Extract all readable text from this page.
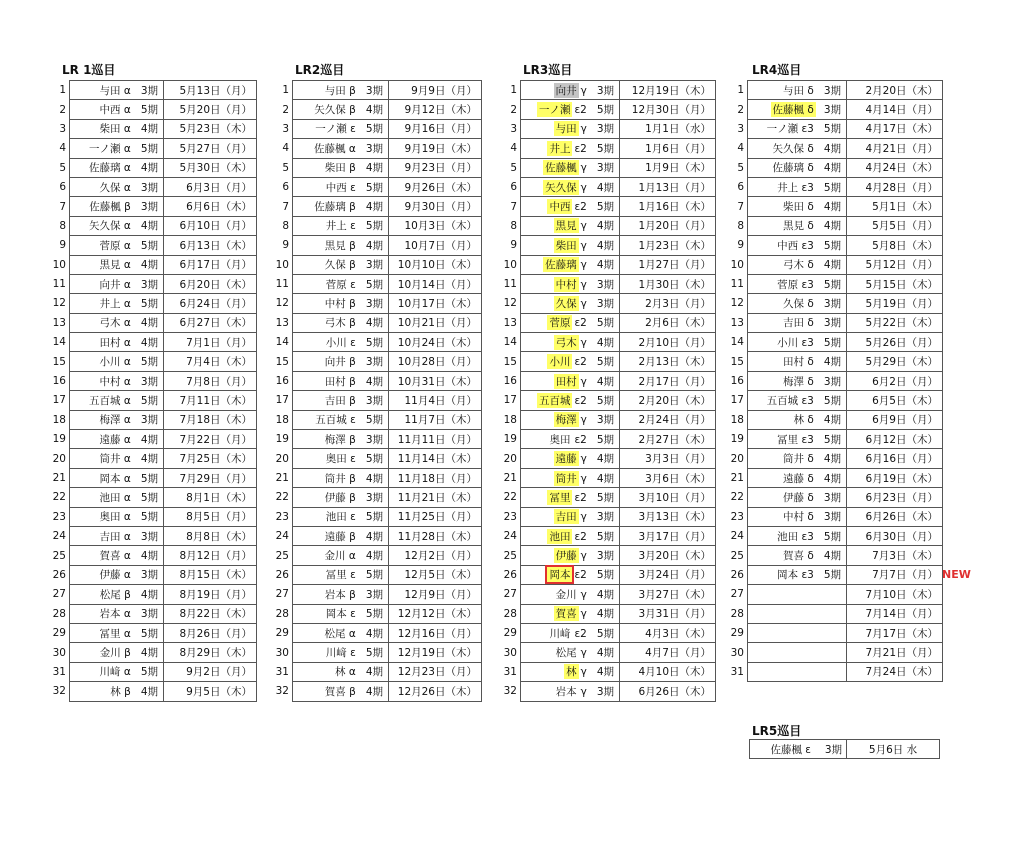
LR 1巡目	LR2巡目	LR3巡目	LR4巡目
1	与田 α 3期	5月13日（月）
2	中西 α 5期	5月20日（月）
3	柴田 α 4期	5月23日（木）
4	一ノ瀬 α 5期	5月27日（月）
5	佐藤璃 α 4期	5月30日（木）
6	久保 α 3期	6月3日（月）
7	佐藤楓 β 3期	6月6日（木）
8	矢久保 α 4期	6月10日（月）
9	菅原 α 5期	6月13日（木）
10	黒見 α 4期	6月17日（月）
11	向井 α 3期	6月20日（木）
12	井上 α 5期	6月24日（月）
13	弓木 α 4期	6月27日（木）
14	田村 α 4期	7月1日（月）
15	小川 α 5期	7月4日（木）
16	中村 α 3期	7月8日（月）
17	五百城 α 5期	7月11日（木）
18	梅澤 α 3期	7月18日（木）
19	遠藤 α 4期	7月22日（月）
20	筒井 α 4期	7月25日（木）
21	岡本 α 5期	7月29日（月）
22	池田 α 5期	8月1日（木）
23	奥田 α 5期	8月5日（月）
24	吉田 α 3期	8月8日（木）
25	賀喜 α 4期	8月12日（月）
26	伊藤 α 3期	8月15日（木）
27	松尾 β 4期	8月19日（月）
28	岩本 α 3期	8月22日（木）
29	冨里 α 5期	8月26日（月）
30	金川 β 4期	8月29日（木）
31	川﨑 α 5期	9月2日（月）
32	林 β 4期	9月5日（木）
1	与田 β 3期	9月9日（月）
2	矢久保 β 4期	9月12日（木）
3	一ノ瀬 ε 5期	9月16日（月）
4	佐藤楓 α 3期	9月19日（木）
5	柴田 β 4期	9月23日（月）
6	中西 ε 5期	9月26日（木）
7	佐藤璃 β 4期	9月30日（月）
8	井上 ε 5期	10月3日（木）
9	黒見 β 4期	10月7日（月）
10	久保 β 3期	10月10日（木）
11	菅原 ε 5期	10月14日（月）
12	中村 β 3期	10月17日（木）
13	弓木 β 4期	10月21日（月）
14	小川 ε 5期	10月24日（木）
15	向井 β 3期	10月28日（月）
16	田村 β 4期	10月31日（木）
17	吉田 β 3期	11月4日（月）
18	五百城 ε 5期	11月7日（木）
19	梅澤 β 3期	11月11日（月）
20	奥田 ε 5期	11月14日（木）
21	筒井 β 4期	11月18日（月）
22	伊藤 β 3期	11月21日（木）
23	池田 ε 5期	11月25日（月）
24	遠藤 β 4期	11月28日（木）
25	金川 α 4期	12月2日（月）
26	冨里 ε 5期	12月5日（木）
27	岩本 β 3期	12月9日（月）
28	岡本 ε 5期	12月12日（木）
29	松尾 α 4期	12月16日（月）
30	川﨑 ε 5期	12月19日（木）
31	林 α 4期	12月23日（月）
32	賀喜 β 4期	12月26日（木）
1	向井 γ 3期	12月19日（木）
2	一ノ瀬 ε2 5期	12月30日（月）
3	与田 γ 3期	1月1日（水）
4	井上 ε2 5期	1月6日（月）
5	佐藤楓 γ 3期	1月9日（木）
6	矢久保 γ 4期	1月13日（月）
7	中西 ε2 5期	1月16日（木）
8	黒見 γ 4期	1月20日（月）
9	柴田 γ 4期	1月23日（木）
10	佐藤璃 γ 4期	1月27日（月）
11	中村 γ 3期	1月30日（木）
12	久保 γ 3期	2月3日（月）
13	菅原 ε2 5期	2月6日（木）
14	弓木 γ 4期	2月10日（月）
15	小川 ε2 5期	2月13日（木）
16	田村 γ 4期	2月17日（月）
17	五百城 ε2 5期	2月20日（木）
18	梅澤 γ 3期	2月24日（月）
19	奥田 ε2 5期	2月27日（木）
20	遠藤 γ 4期	3月3日（月）
21	筒井 γ 4期	3月6日（木）
22	冨里 ε2 5期	3月10日（月）
23	吉田 γ 3期	3月13日（木）
24	池田 ε2 5期	3月17日（月）
25	伊藤 γ 3期	3月20日（木）
26	岡本 ε2 5期	3月24日（月）
27	金川 γ 4期	3月27日（木）
28	賀喜 γ 4期	3月31日（月）
29	川﨑 ε2 5期	4月3日（木）
30	松尾 γ 4期	4月7日（月）
31	林 γ 4期	4月10日（木）
32	岩本 γ 3期	6月26日（木）
1	与田 δ 3期	2月20日（木）
2	佐藤楓 δ 3期	4月14日（月）
3	一ノ瀬 ε3 5期	4月17日（木）
4	矢久保 δ 4期	4月21日（月）
5	佐藤璃 δ 4期	4月24日（木）
6	井上 ε3 5期	4月28日（月）
7	柴田 δ 4期	5月1日（木）
8	黒見 δ 4期	5月5日（月）
9	中西 ε3 5期	5月8日（木）
10	弓木 δ 4期	5月12日（月）
11	菅原 ε3 5期	5月15日（木）
12	久保 δ 3期	5月19日（月）
13	吉田 δ 3期	5月22日（木）
14	小川 ε3 5期	5月26日（月）
15	田村 δ 4期	5月29日（木）
16	梅澤 δ 3期	6月2日（月）
17	五百城 ε3 5期	6月5日（木）
18	林 δ 4期	6月9日（月）
19	冨里 ε3 5期	6月12日（木）
20	筒井 δ 4期	6月16日（月）
21	遠藤 δ 4期	6月19日（木）
22	伊藤 δ 3期	6月23日（月）
23	中村 δ 3期	6月26日（木）
24	池田 ε3 5期	6月30日（月）
25	賀喜 δ 4期	7月3日（木）
26	岡本 ε3 5期	7月7日（月）
27		7月10日（木）
28		7月14日（月）
29		7月17日（木）
30		7月21日（月）
31		7月24日（木）
NEW
LR5巡目
佐藤楓 ε　 3期	5月6日 水
